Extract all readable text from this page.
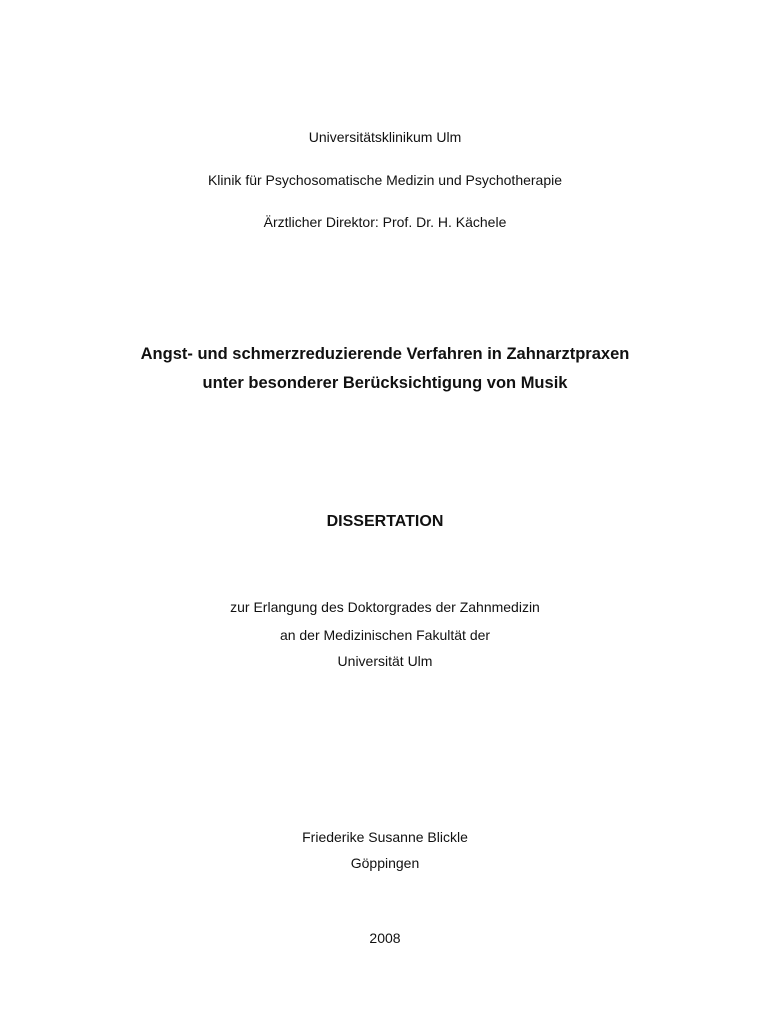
Universitätsklinikum Ulm
Klinik für Psychosomatische Medizin und Psychotherapie
Ärztlicher Direktor: Prof. Dr. H. Kächele
Angst- und schmerzreduzierende Verfahren in Zahnarztpraxen
unter besonderer Berücksichtigung von Musik
DISSERTATION
zur Erlangung des Doktorgrades der Zahnmedizin
an der Medizinischen Fakultät der
Universität Ulm
Friederike Susanne Blickle
Göppingen
2008
